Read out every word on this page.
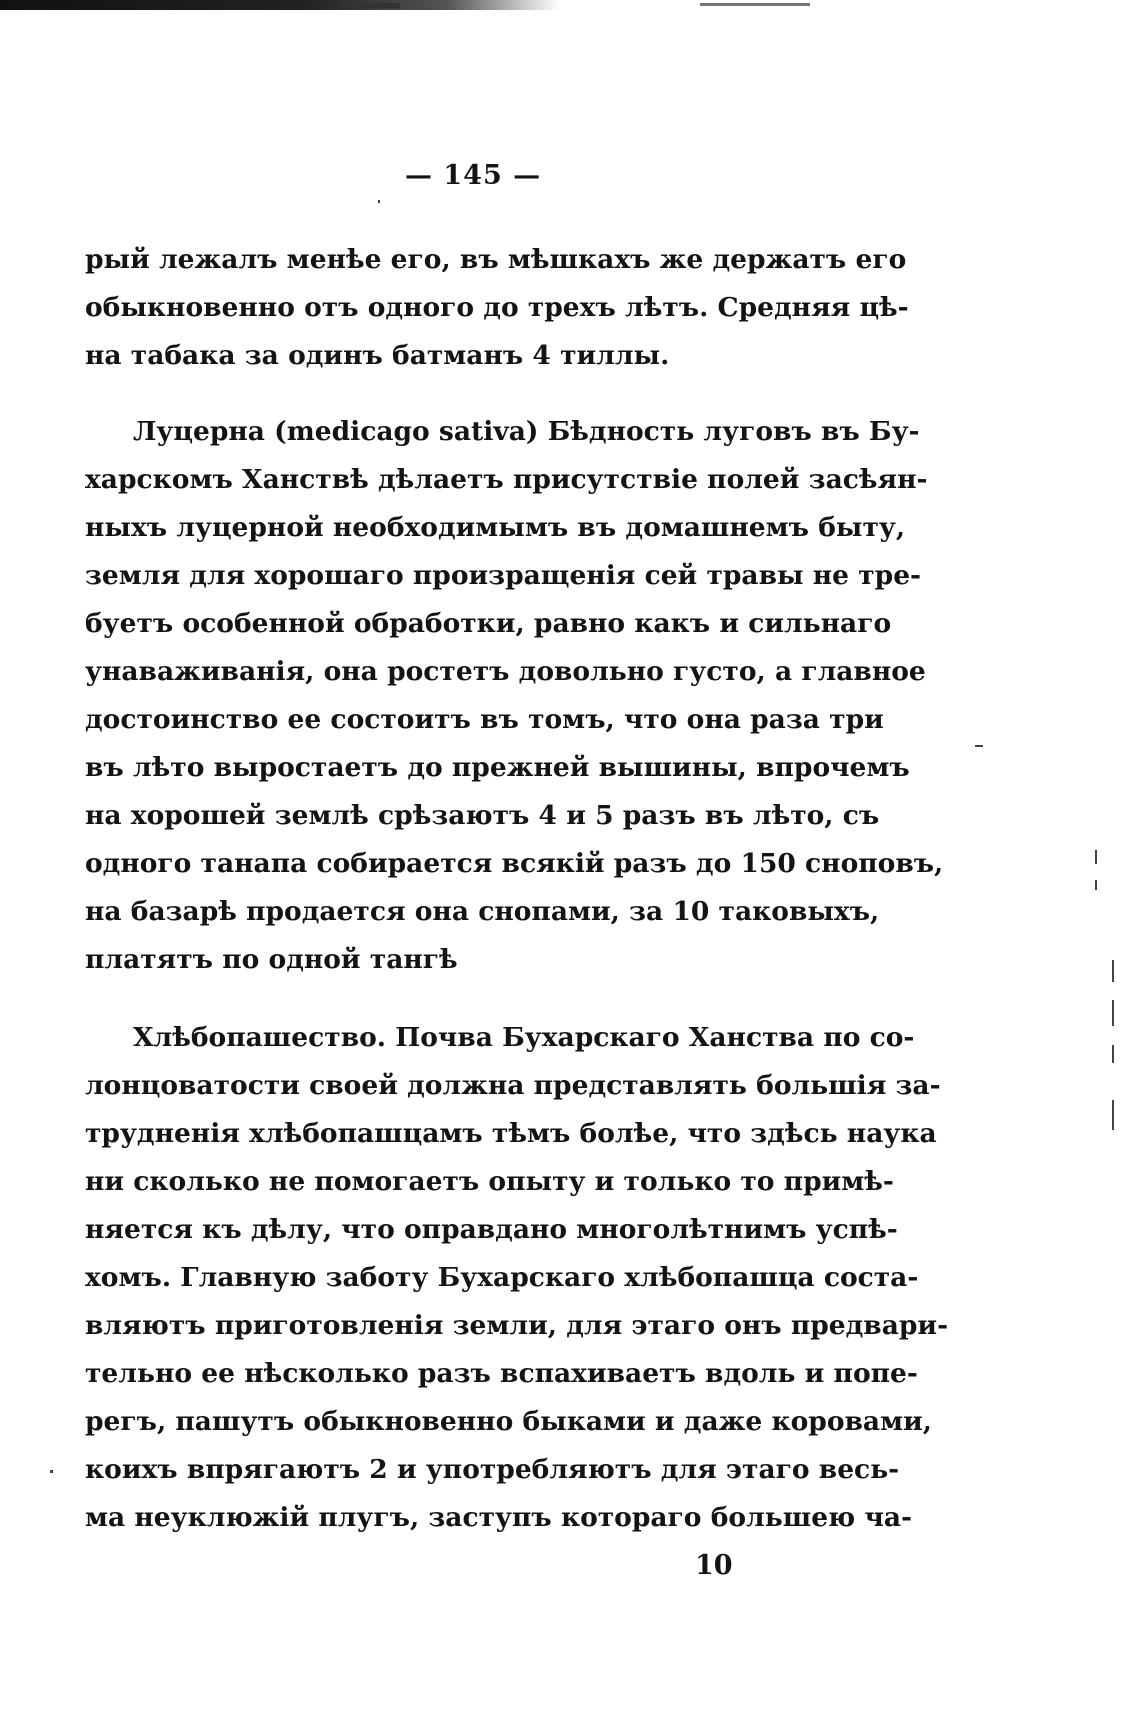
— 145 —
рый лежалъ менѣе его, въ мѣшкахъ же держатъ его
обыкновенно отъ одного до трехъ лѣтъ. Средняя цѣ-
на табака за одинъ батманъ 4 тиллы.
Луцерна (medicago sativa) Бѣдность луговъ въ Бу-
харскомъ Ханствѣ дѣлаетъ присутствіе полей засѣян-
ныхъ луцерной необходимымъ въ домашнемъ быту,
земля для хорошаго произращенія сей травы не тре-
буетъ особенной обработки, равно какъ и сильнаго
унаваживанія, она ростетъ довольно густо, а главное
достоинство ее состоитъ въ томъ, что она раза три
въ лѣто выростаетъ до прежней вышины, впрочемъ
на хорошей землѣ срѣзаютъ 4 и 5 разъ въ лѣто, съ
одного танапа собирается всякій разъ до 150 сноповъ,
на базарѣ продается она снопами, за 10 таковыхъ,
платятъ по одной тангѣ
Хлѣбопашество. Почва Бухарскаго Ханства по со-
лонцоватости своей должна представлять большія за-
трудненія хлѣбопашцамъ тѣмъ болѣе, что здѣсь наука
ни сколько не помогаетъ опыту и только то примѣ-
няется къ дѣлу, что оправдано многолѣтнимъ успѣ-
хомъ. Главную заботу Бухарскаго хлѣбопашца соста-
вляютъ приготовленія земли, для этаго онъ предвари-
тельно ее нѣсколько разъ вспахиваетъ вдоль и попе-
регъ, пашутъ обыкновенно быками и даже коровами,
коихъ впрягаютъ 2 и употребляютъ для этаго весь-
ма неуклюжій плугъ, заступъ котораго большею ча-
10
